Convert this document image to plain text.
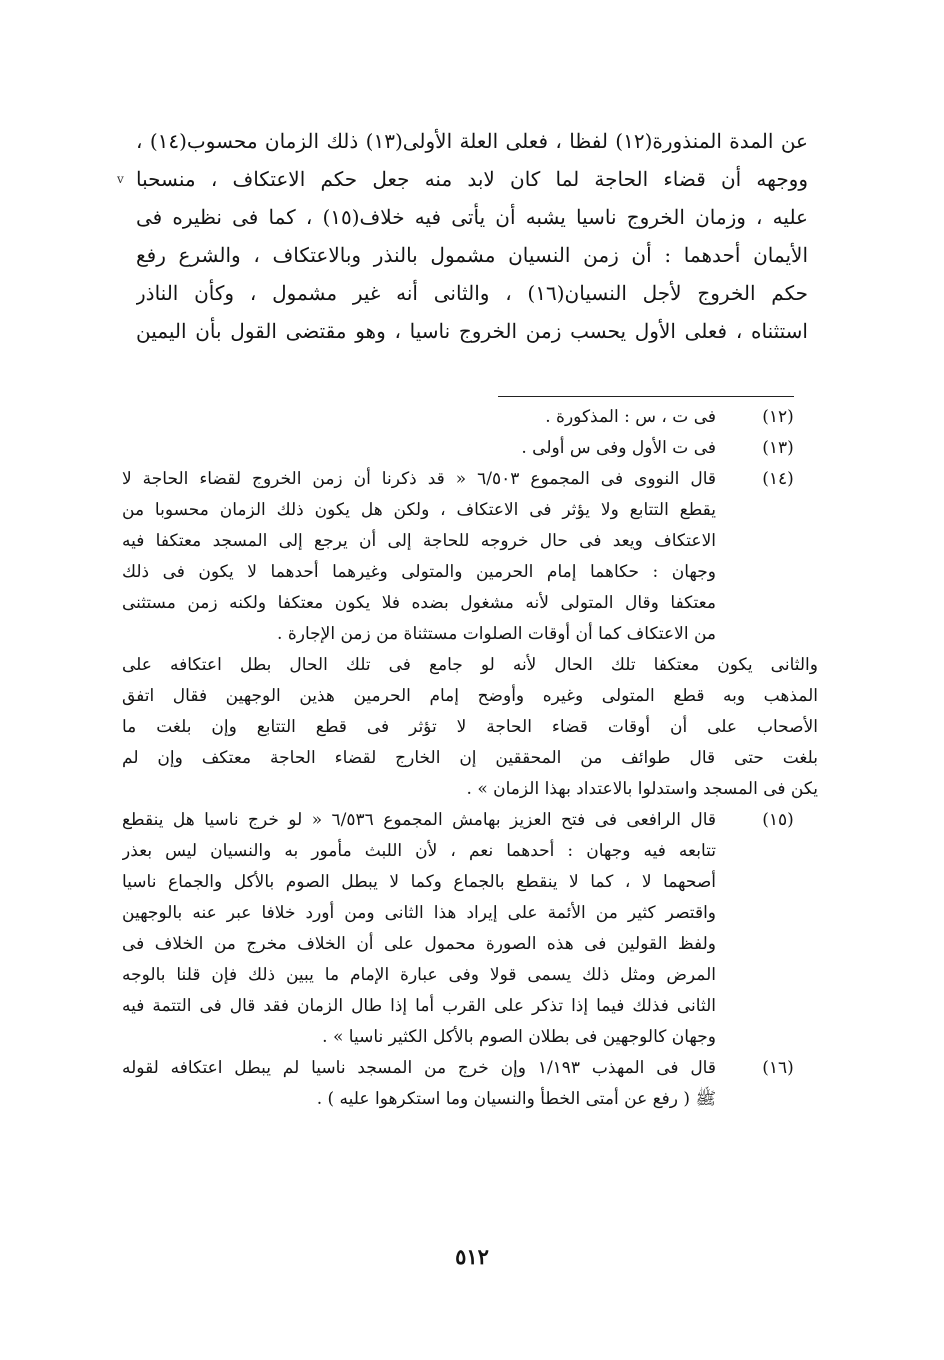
عن المدة المنذورة(١٢) لفظا ، فعلى العلة الأولى(١٣) ذلك الزمان محسوب(١٤) ،
ووجهه أن قضاء الحاجة لما كان لابد منه جعل حكم الاعتكاف ، منسحبا
عليه ، وزمان الخروج ناسيا يشبه أن يأتى فيه خلاف(١٥) ، كما فى نظيره فى
الأيمان أحدهما : أن زمن النسيان مشمول بالنذر وبالاعتكاف ، والشرع رفع
حكم الخروج لأجل النسيان(١٦) ، والثانى أنه غير مشمول ، وكأن الناذر
استثناه ، فعلى الأول يحسب زمن الخروج ناسيا ، وهو مقتضى القول بأن اليمين
v
(١٢)
فى ت ، س : المذكورة .
(١٣)
فى ت الأول وفى س أولى .
(١٤)
قال النووى فى المجموع ٦/٥٠٣ « قد ذكرنا أن زمن الخروج لقضاء الحاجة لا
يقطع التتابع ولا يؤثر فى الاعتكاف ، ولكن هل يكون ذلك الزمان محسوبا من
الاعتكاف ويعد فى حال خروجه للحاجة إلى أن يرجع إلى المسجد معتكفا فيه
وجهان : حكاهما إمام الحرمين والمتولى وغيرهما أحدهما لا يكون فى ذلك
معتكفا وقال المتولى لأنه مشغول بضده فلا يكون معتكفا ولكنه زمن مستثنى
من الاعتكاف كما أن أوقات الصلوات مستثناة من زمن الإجارة .
والثانى يكون معتكفا تلك الحال لأنه لو جامع فى تلك الحال بطل اعتكافه على
المذهب وبه قطع المتولى وغيره وأوضح إمام الحرمين هذين الوجهين فقال اتفق
الأصحاب على أن أوقات قضاء الحاجة لا تؤثر فى قطع التتابع وإن بلغت ما
بلغت حتى قال طوائف من المحققين إن الخارج لقضاء الحاجة معتكف وإن لم
يكن فى المسجد واستدلوا بالاعتداد بهذا الزمان » .
(١٥)
قال الرافعى فى فتح العزيز بهامش المجموع ٦/٥٣٦ « لو خرج ناسيا هل ينقطع
تتابعه فيه وجهان : أحدهما نعم ، لأن اللبث مأمور به والنسيان ليس بعذر
أصحهما لا ، كما لا ينقطع بالجماع وكما لا يبطل الصوم بالأكل والجماع ناسيا
واقتصر كثير من الأئمة على إيراد هذا الثانى ومن أورد خلافا عبر عنه بالوجهين
ولفظ القولين فى هذه الصورة محمول على أن الخلاف مخرج من الخلاف فى
المرض ومثل ذلك يسمى قولا وفى عبارة الإمام ما يبين ذلك فإن قلنا بالوجه
الثانى فذلك فيما إذا تذكر على القرب أما إذا طال الزمان فقد قال فى التتمة فيه
وجهان كالوجهين فى بطلان الصوم بالأكل الكثير ناسيا » .
(١٦)
قال فى المهذب ١/١٩٣ وإن خرج من المسجد ناسيا لم يبطل اعتكافه لقوله
ﷺ ( رفع عن أمتى الخطأ والنسيان وما استكرهوا عليه ) .
٥١٢
